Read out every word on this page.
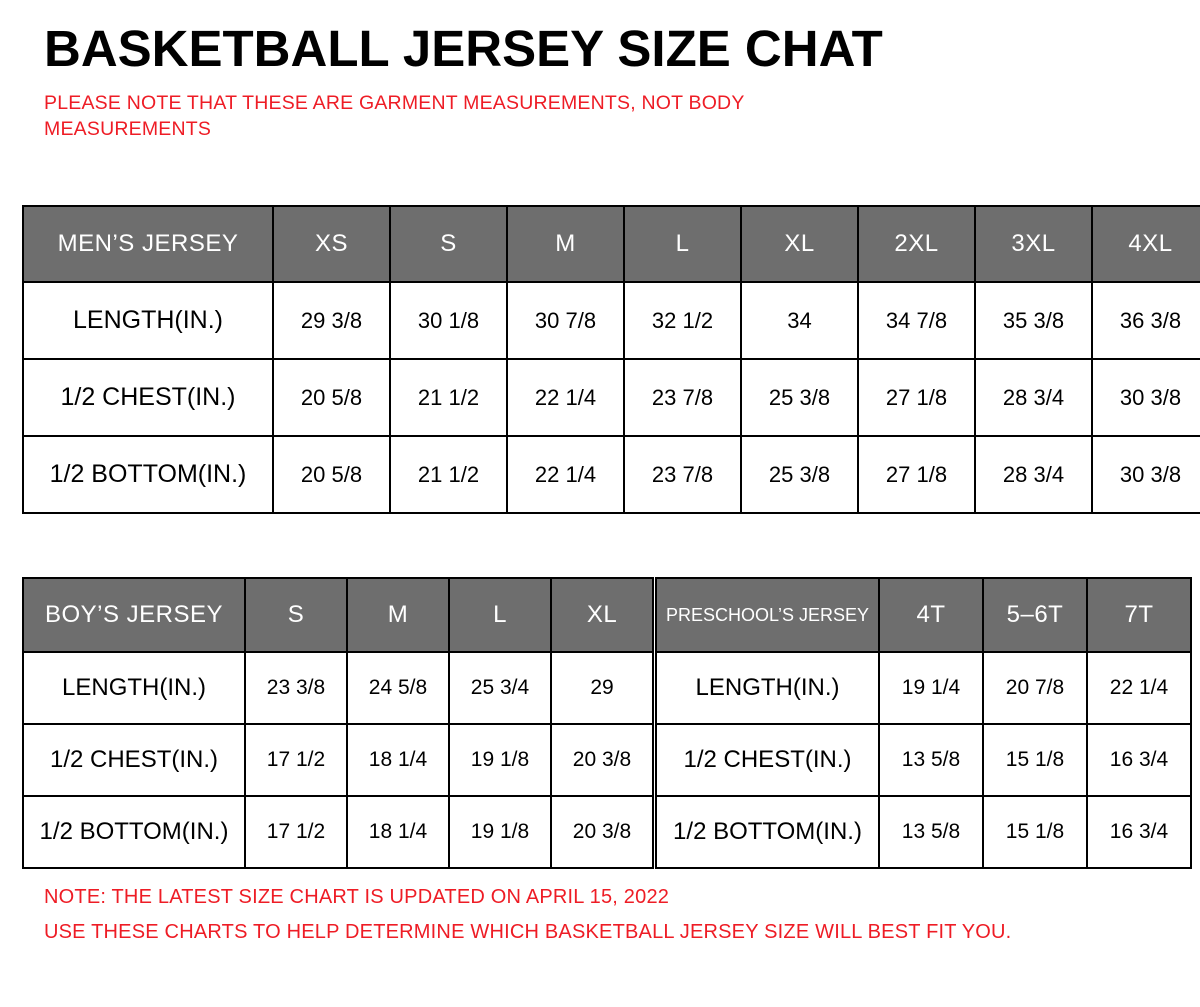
BASKETBALL JERSEY SIZE CHAT

PLEASE NOTE THAT THESE ARE GARMENT MEASUREMENTS, NOT BODY MEASUREMENTS

MEN’S JERSEY	XS	S	M	L	XL	2XL	3XL	4XL
LENGTH(IN.)	29 3/8	30 1/8	30 7/8	32 1/2	34	34 7/8	35 3/8	36 3/8
1/2 CHEST(IN.)	20 5/8	21 1/2	22 1/4	23 7/8	25 3/8	27 1/8	28 3/4	30 3/8
1/2 BOTTOM(IN.)	20 5/8	21 1/2	22 1/4	23 7/8	25 3/8	27 1/8	28 3/4	30 3/8
BOY’S JERSEY	S	M	L	XL
LENGTH(IN.)	23 3/8	24 5/8	25 3/4	29
1/2 CHEST(IN.)	17 1/2	18 1/4	19 1/8	20 3/8
1/2 BOTTOM(IN.)	17 1/2	18 1/4	19 1/8	20 3/8
PRESCHOOL’S JERSEY	4T	5–6T	7T
LENGTH(IN.)	19 1/4	20 7/8	22 1/4
1/2 CHEST(IN.)	13 5/8	15 1/8	16 3/4
1/2 BOTTOM(IN.)	13 5/8	15 1/8	16 3/4
NOTE: THE LATEST SIZE CHART IS UPDATED ON APRIL 15, 2022
USE THESE CHARTS TO HELP DETERMINE WHICH BASKETBALL JERSEY SIZE WILL BEST FIT YOU.
